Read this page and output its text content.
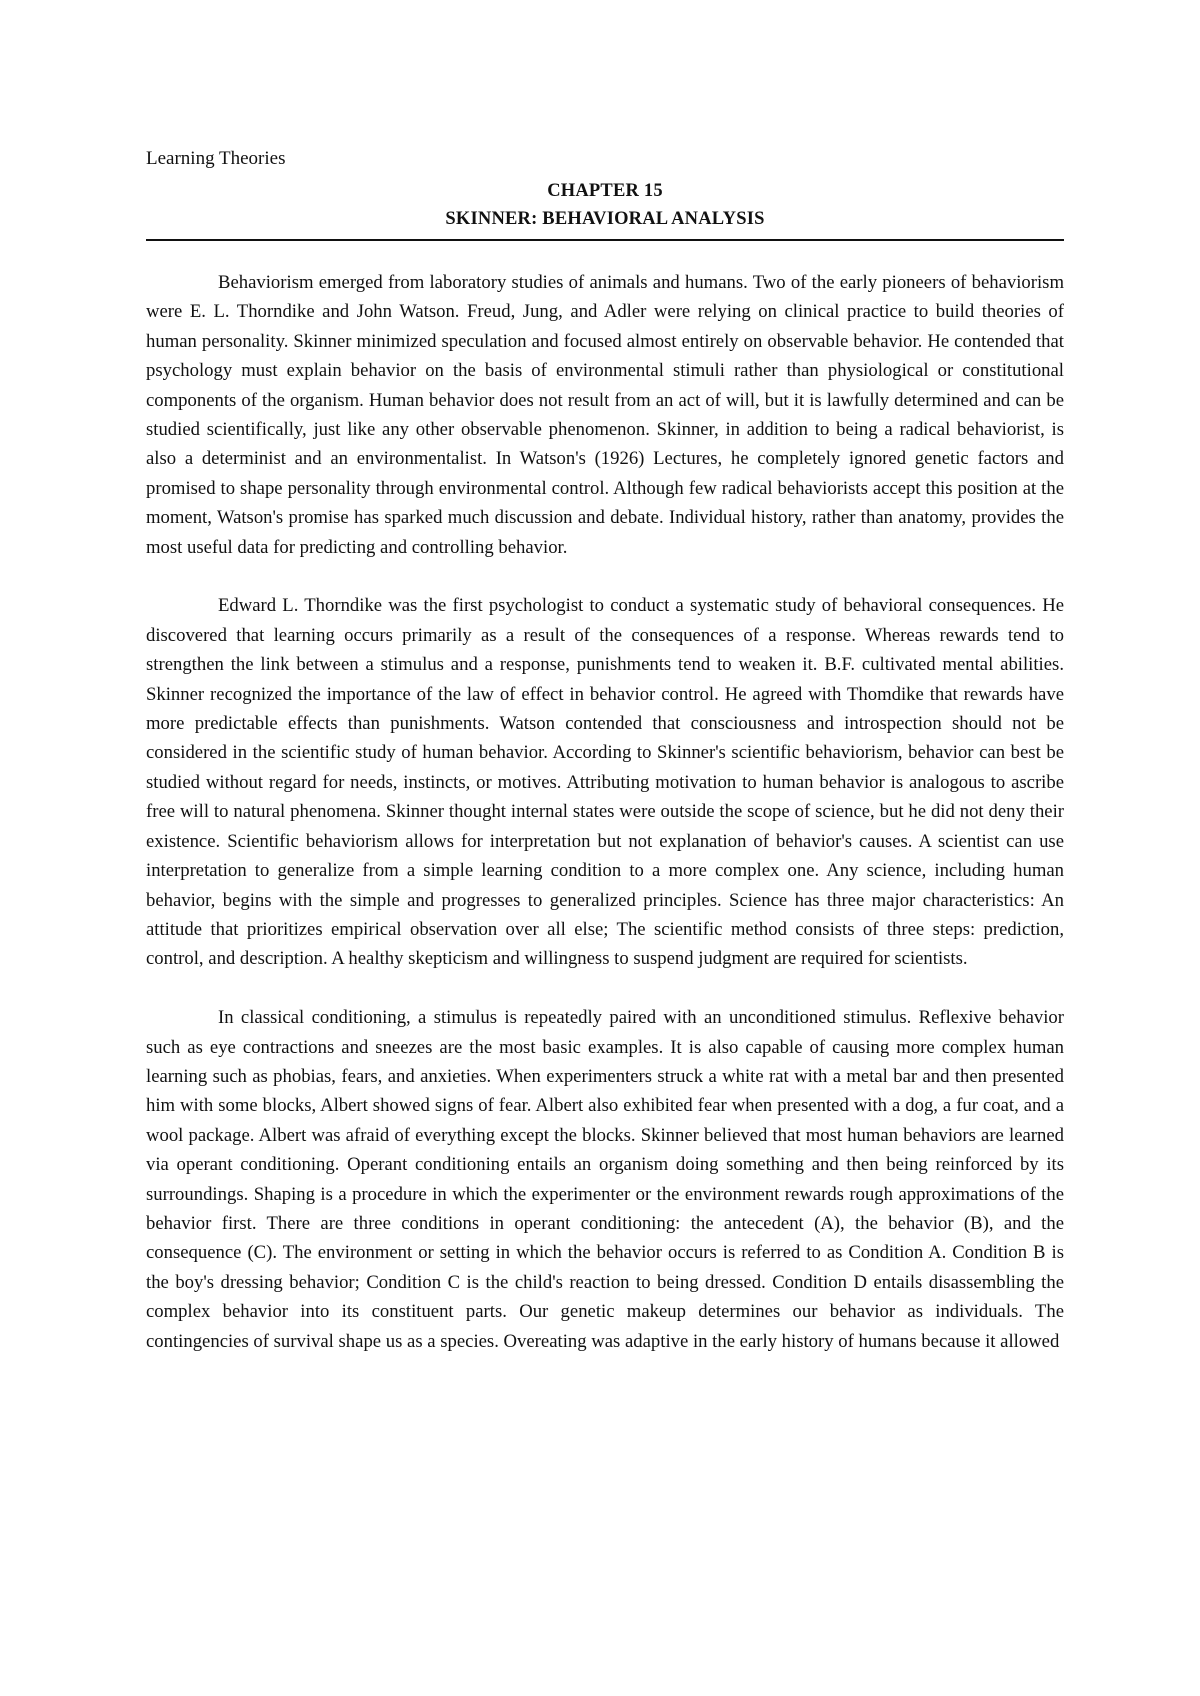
Learning Theories
CHAPTER 15
SKINNER: BEHAVIORAL ANALYSIS

Behaviorism emerged from laboratory studies of animals and humans. Two of the early pioneers of behaviorism were E. L. Thorndike and John Watson. Freud, Jung, and Adler were relying on clinical practice to build theories of human personality. Skinner minimized speculation and focused almost entirely on observable behavior. He contended that psychology must explain behavior on the basis of environmental stimuli rather than physiological or constitutional components of the organism. Human behavior does not result from an act of will, but it is lawfully determined and can be studied scientifically, just like any other observable phenomenon. Skinner, in addition to being a radical behaviorist, is also a determinist and an environmentalist. In Watson's (1926) Lectures, he completely ignored genetic factors and promised to shape personality through environmental control. Although few radical behaviorists accept this position at the moment, Watson's promise has sparked much discussion and debate. Individual history, rather than anatomy, provides the most useful data for predicting and controlling behavior.

Edward L. Thorndike was the first psychologist to conduct a systematic study of behavioral consequences. He discovered that learning occurs primarily as a result of the consequences of a response. Whereas rewards tend to strengthen the link between a stimulus and a response, punishments tend to weaken it. B.F. cultivated mental abilities. Skinner recognized the importance of the law of effect in behavior control. He agreed with Thomdike that rewards have more predictable effects than punishments. Watson contended that consciousness and introspection should not be considered in the scientific study of human behavior. According to Skinner's scientific behaviorism, behavior can best be studied without regard for needs, instincts, or motives. Attributing motivation to human behavior is analogous to ascribe free will to natural phenomena. Skinner thought internal states were outside the scope of science, but he did not deny their existence. Scientific behaviorism allows for interpretation but not explanation of behavior's causes. A scientist can use interpretation to generalize from a simple learning condition to a more complex one. Any science, including human behavior, begins with the simple and progresses to generalized principles. Science has three major characteristics: An attitude that prioritizes empirical observation over all else; The scientific method consists of three steps: prediction, control, and description. A healthy skepticism and willingness to suspend judgment are required for scientists.

In classical conditioning, a stimulus is repeatedly paired with an unconditioned stimulus. Reflexive behavior such as eye contractions and sneezes are the most basic examples. It is also capable of causing more complex human learning such as phobias, fears, and anxieties. When experimenters struck a white rat with a metal bar and then presented him with some blocks, Albert showed signs of fear. Albert also exhibited fear when presented with a dog, a fur coat, and a wool package. Albert was afraid of everything except the blocks. Skinner believed that most human behaviors are learned via operant conditioning. Operant conditioning entails an organism doing something and then being reinforced by its surroundings. Shaping is a procedure in which the experimenter or the environment rewards rough approximations of the behavior first. There are three conditions in operant conditioning: the antecedent (A), the behavior (B), and the consequence (C). The environment or setting in which the behavior occurs is referred to as Condition A. Condition B is the boy's dressing behavior; Condition C is the child's reaction to being dressed. Condition D entails disassembling the complex behavior into its constituent parts. Our genetic makeup determines our behavior as individuals. The contingencies of survival shape us as a species. Overeating was adaptive in the early history of humans because it allowed
